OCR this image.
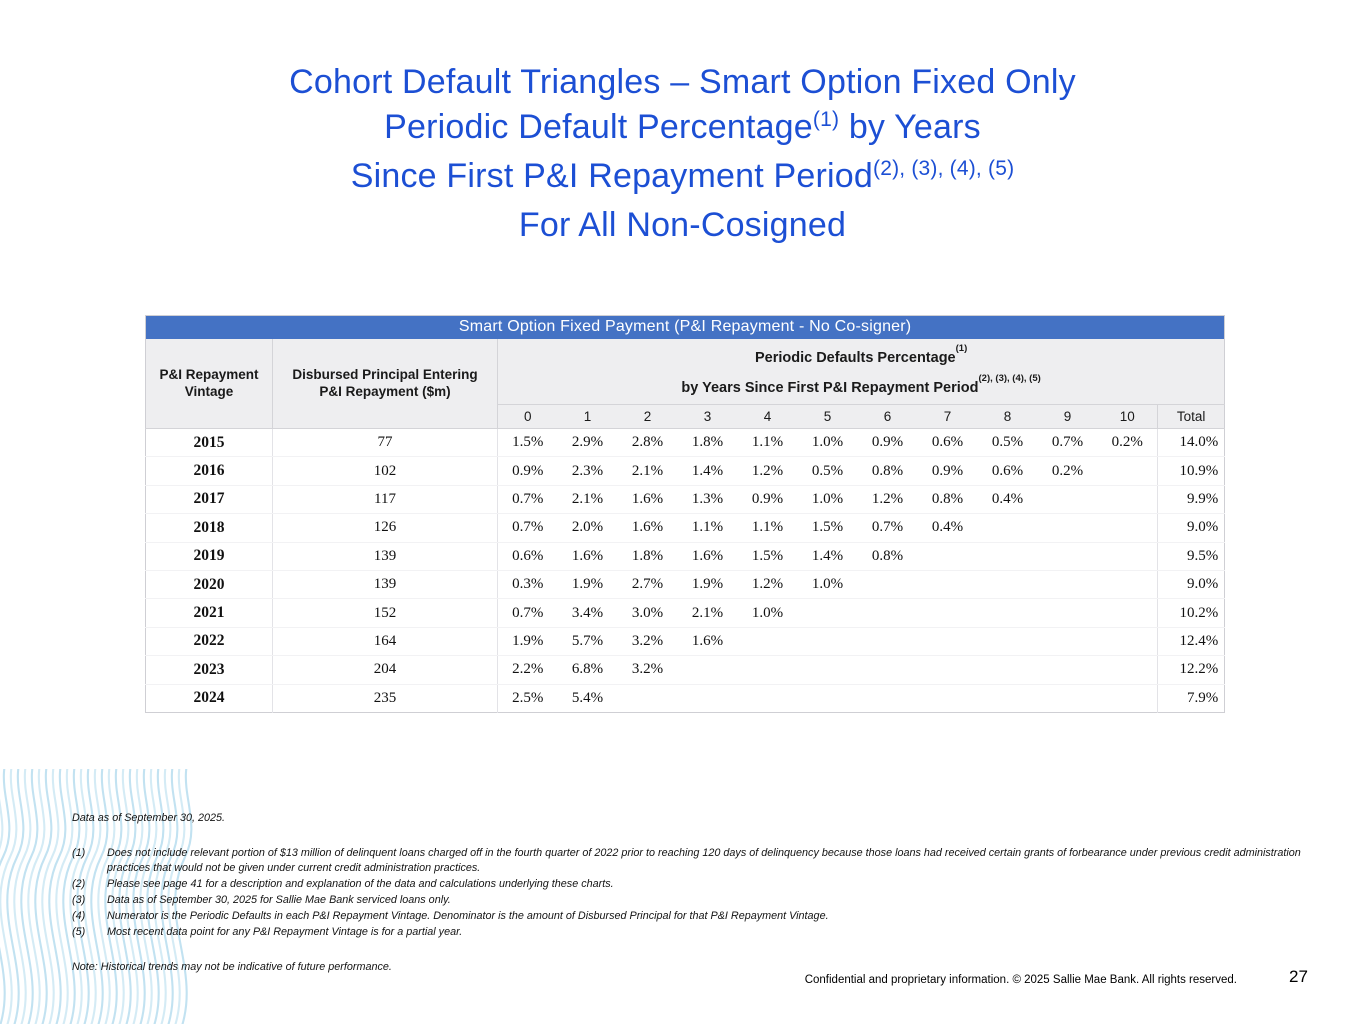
Cohort Default Triangles – Smart Option Fixed Only
Periodic Default Percentage$^{(1)}$ by Years
Since First P&I Repayment Period$^{(2), (3), (4), (5)}$
For All Non-Cosigned
Smart Option Fixed Payment (P&I Repayment - No Co-signer)													
P&I Repayment Vintage	Disbursed Principal Entering P&I Repayment ($m)	Periodic Defaults Percentage$^{(1)}$
by Years Since First P&I Repayment Period$^{(2), (3), (4), (5)}$

		0	1	2	3	4	5	6	7	8	9	10	Total
2015	77	1.5%	2.9%	2.8%	1.8%	1.1%	1.0%	0.9%	0.6%	0.5%	0.7%	0.2%	14.0%
2016	102	0.9%	2.3%	2.1%	1.4%	1.2%	0.5%	0.8%	0.9%	0.6%	0.2%		10.9%
2017	117	0.7%	2.1%	1.6%	1.3%	0.9%	1.0%	1.2%	0.8%	0.4%			9.9%
2018	126	0.7%	2.0%	1.6%	1.1%	1.1%	1.5%	0.7%	0.4%				9.0%
2019	139	0.6%	1.6%	1.8%	1.6%	1.5%	1.4%	0.8%					9.5%
2020	139	0.3%	1.9%	2.7%	1.9%	1.2%	1.0%						9.0%
2021	152	0.7%	3.4%	3.0%	2.1%	1.0%							10.2%
2022	164	1.9%	5.7%	3.2%	1.6%								12.4%
2023	204	2.2%	6.8%	3.2%									12.2%
2024	235	2.5%	5.4%										7.9%
Data as of September 30, 2025.
(1)	Does not include relevant portion of $13 million of delinquent loans charged off in the fourth quarter of 2022 prior to reaching 120 days of delinquency because those loans had received certain grants of forbearance under previous credit administration practices that would not be given under current credit administration practices.
(2)	Please see page 41 for a description and explanation of the data and calculations underlying these charts.
(3)	Data as of September 30, 2025 for Sallie Mae Bank serviced loans only.
(4)	Numerator is the Periodic Defaults in each P&I Repayment Vintage. Denominator is the amount of Disbursed Principal for that P&I Repayment Vintage.
(5)	Most recent data point for any P&I Repayment Vintage is for a partial year.
Note: Historical trends may not be indicative of future performance.
Confidential and proprietary information. © 2025 Sallie Mae Bank. All rights reserved.	27
